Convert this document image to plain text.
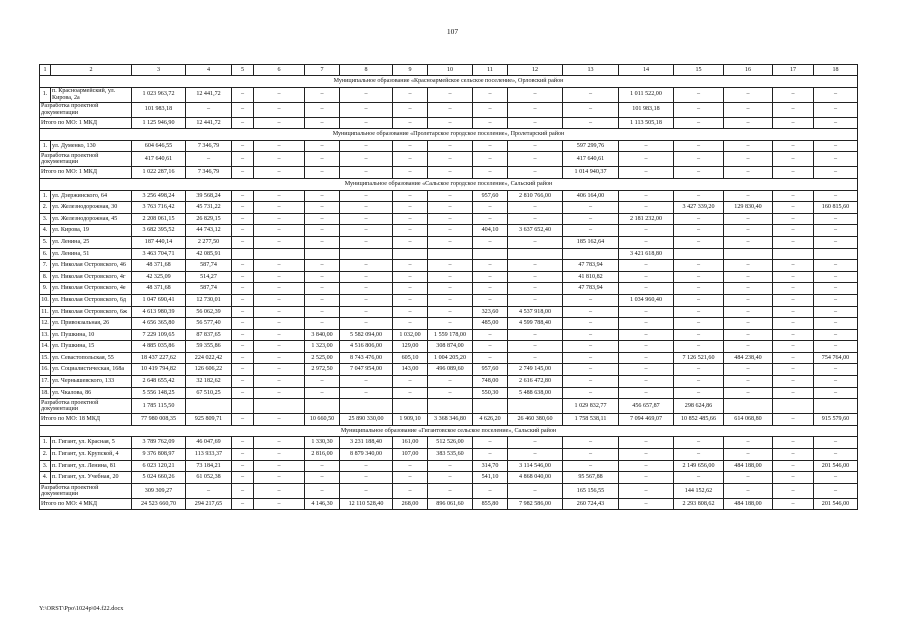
107
1	2	3	4	5	6	7	8	9	10	11	12	13	14	15	16	17	18
Муниципальное образование «Красноармейское сельское поселение», Орловский район																	
1.	п. Красноармейский, ул. Кирова, 2а	1 023 963,72	12 441,72	–	–	–	–	–	–	–	–	–	1 011 522,00	–	–	–	–
Разработка проектной документации		101 983,18	–	–	–	–	–	–	–	–	–	–	101 983,18	–	–	–	–
Итого по МО: 1 МКД		1 125 946,90	12 441,72	–	–	–	–	–	–	–	–	–	1 113 505,18	–	–	–	–
Муниципальное образование «Пролетарское городское поселение», Пролетарский район																	
1.	ул. Думенко, 130	604 646,55	7 346,79	–	–	–	–	–	–	–	–	597 299,76	–	–	–	–	–
Разработка проектной документации		417 640,61	–	–	–	–	–	–	–	–	–	417 640,61	–	–	–	–	–
Итого по МО: 1 МКД		1 022 287,16	7 346,79	–	–	–	–	–	–	–	–	1 014 940,37	–	–	–	–	–
Муниципальное образование «Сальское городское поселение», Сальский район																	
1.	ул. Дзержинского, 64	3 256 498,24	39 568,24	–	–	–	–	–	–	957,60	2 810 766,00	406 164,00	–	–	–	–	–
2.	ул. Железнодорожная, 30	3 763 716,42	45 731,22	–	–	–	–	–	–	–	–	–	–	3 427 339,20	129 830,40	–	160 815,60
3.	ул. Железнодорожная, 45	2 208 061,15	26 829,15	–	–	–	–	–	–	–	–	–	2 181 232,00	–	–	–	–
4.	ул. Кирова, 19	3 682 395,52	44 743,12	–	–	–	–	–	–	404,10	3 637 652,40	–	–	–	–	–	–
5.	ул. Ленина, 25	187 440,14	2 277,50	–	–	–	–	–	–	–	–	185 162,64	–	–	–	–	–
6.	ул. Ленина, 51	3 463 704,71	42 085,91										3 421 618,80				
7.	ул. Николая Островского, 46	48 371,68	587,74	–	–	–	–	–	–	–	–	47 783,94	–	–	–	–	–
8.	ул. Николая Островского, 4г	42 325,09	514,27	–	–	–	–	–	–	–	–	41 810,82	–	–	–	–	–
9.	ул. Николая Островского, 4е	48 371,68	587,74	–	–	–	–	–	–	–	–	47 783,94	–	–	–	–	–
10.	ул. Николая Островского, 6д	1 047 690,41	12 730,01	–	–	–	–	–	–	–	–	–	1 034 960,40	–	–	–	–
11.	ул. Николая Островского, 6ж	4 613 980,39	56 062,39	–	–	–	–	–	–	323,60	4 537 918,00	–	–	–	–	–	–
12.	ул. Привокзальная, 26	4 656 365,80	56 577,40	–	–	–	–	–	–	485,00	4 599 788,40	–	–	–	–	–	–
13.	ул. Пушкина, 10	7 229 109,65	87 837,65	–	–	3 840,00	5 582 094,00	1 032,00	1 559 178,00	–	–	–	–	–	–	–	–
14.	ул. Пушкина, 15	4 885 035,86	59 355,86	–	–	1 323,00	4 516 806,00	129,00	308 874,00	–	–	–	–	–	–	–	–
15.	ул. Севастопольская, 55	18 437 227,62	224 022,42	–	–	2 525,00	8 743 476,00	605,10	1 004 205,20	–	–	–	–	7 126 521,60	484 238,40	–	754 764,00
16.	ул. Социалистическая, 168а	10 419 794,82	126 606,22	–	–	2 972,50	7 047 954,00	143,00	496 089,60	957,60	2 749 145,00	–	–	–	–	–	–
17.	ул. Чернышевского, 133	2 648 655,42	32 182,62	–	–	–	–	–	–	748,00	2 616 472,80	–	–	–	–	–	–
18.	ул. Чкалова, 86	5 556 148,25	67 510,25	–	–	–	–	–	–	550,30	5 488 638,00	–	–	–	–	–	–
Разработка проектной документации		1 785 115,50										1 029 832,77	456 657,87	298 624,86			
Итого по МО: 18 МКД		77 980 008,35	925 809,71	–	–	10 660,50	25 890 330,00	1 909,10	3 368 346,80	4 626,20	26 460 380,60	1 758 538,11	7 094 469,07	10 852 485,66	614 068,80	–	915 579,60
Муниципальное образование «Гигантовское сельское поселение», Сальский район																	
1.	п. Гигант, ул. Красная, 5	3 789 762,09	46 047,69	–	–	1 330,30	3 231 188,40	161,00	512 526,00	–	–	–	–	–	–	–	–
2.	п. Гигант, ул. Крупской, 4	9 376 808,97	113 933,37	–	–	2 816,00	8 879 340,00	107,00	383 535,60	–	–	–	–	–	–	–	–
3.	п. Гигант, ул. Ленина, 81	6 023 120,21	73 184,21	–	–	–	–	–	–	314,70	3 114 546,00	–	–	2 149 656,00	484 188,00	–	201 546,00
4.	п. Гигант, ул. Учебная, 20	5 024 660,26	61 052,38	–	–	–	–	–	–	541,10	4 868 040,00	95 567,88	–	–	–	–	–
Разработка проектной документации		309 309,27	–	–	–	–	–	–	–	–	–	165 156,55	–	144 152,62	–	–	–
Итого по МО: 4 МКД		24 523 660,70	294 217,65	–	–	4 146,30	12 110 528,40	268,00	896 061,60	855,80	7 982 586,00	260 724,43	–	2 293 808,62	484 188,00	–	201 546,00
Y:\ORST\Ppo\1024p\04.f22.docx
